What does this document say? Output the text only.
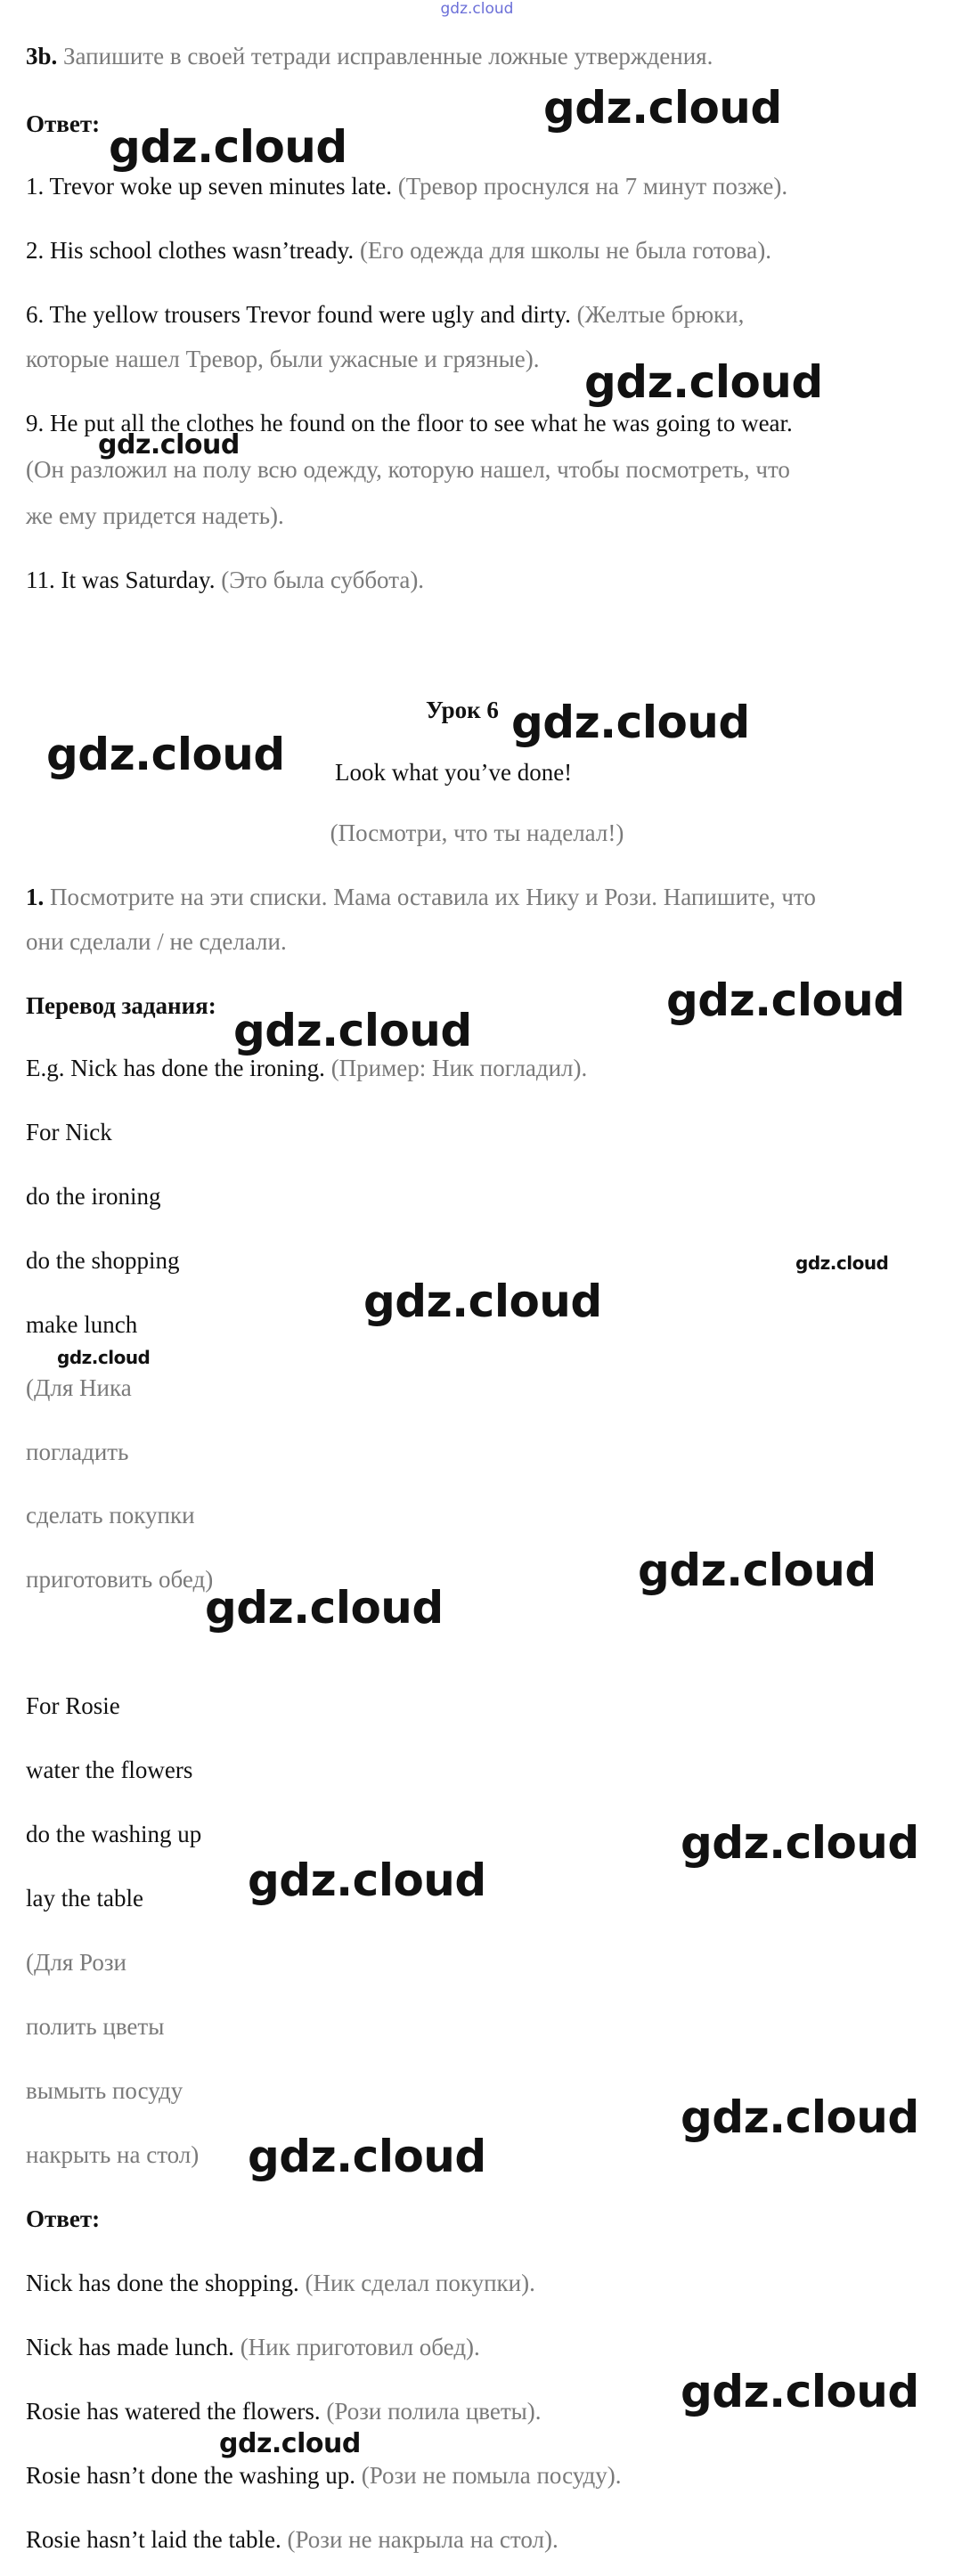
gdz.cloud
3b. Запишите в своей тетради исправленные ложные утверждения.
Ответ:
1. Trevor woke up seven minutes late. (Тревор проснулся на 7 минут позже).
2. His school clothes wasn’tready. (Его одежда для школы не была готова).
6. The yellow trousers Trevor found were ugly and dirty. (Желтые брюки,
которые нашел Тревор, были ужасные и грязные).
9. He put all the clothes he found on the floor to see what he was going to wear.
(Он разложил на полу всю одежду, которую нашел, чтобы посмотреть, что
же ему придется надеть).
11. It was Saturday. (Это была суббота).
Урок 6
Look what you’ve done!
(Посмотри, что ты наделал!)
1. Посмотрите на эти списки. Мама оставила их Нику и Рози. Напишите, что
они сделали / не сделали.
Перевод задания:
E.g. Nick has done the ironing. (Пример: Ник погладил).
For Nick
do the ironing
do the shopping
make lunch
(Для Ника
погладить
сделать покупки
приготовить обед)
For Rosie
water the flowers
do the washing up
lay the table
(Для Рози
полить цветы
вымыть посуду
накрыть на стол)
Ответ:
Nick has done the shopping. (Ник сделал покупки).
Nick has made lunch. (Ник приготовил обед).
Rosie has watered the flowers. (Рози полила цветы).
Rosie hasn’t done the washing up. (Рози не помыла посуду).
Rosie hasn’t laid the table. (Рози не накрыла на стол).
gdz.cloud
gdz.cloud
gdz.cloud
gdz.cloud
gdz.cloud
gdz.cloud
gdz.cloud
gdz.cloud
gdz.cloud
gdz.cloud
gdz.cloud
gdz.cloud
gdz.cloud
gdz.cloud
gdz.cloud
gdz.cloud
gdz.cloud
gdz.cloud
gdz.cloud
